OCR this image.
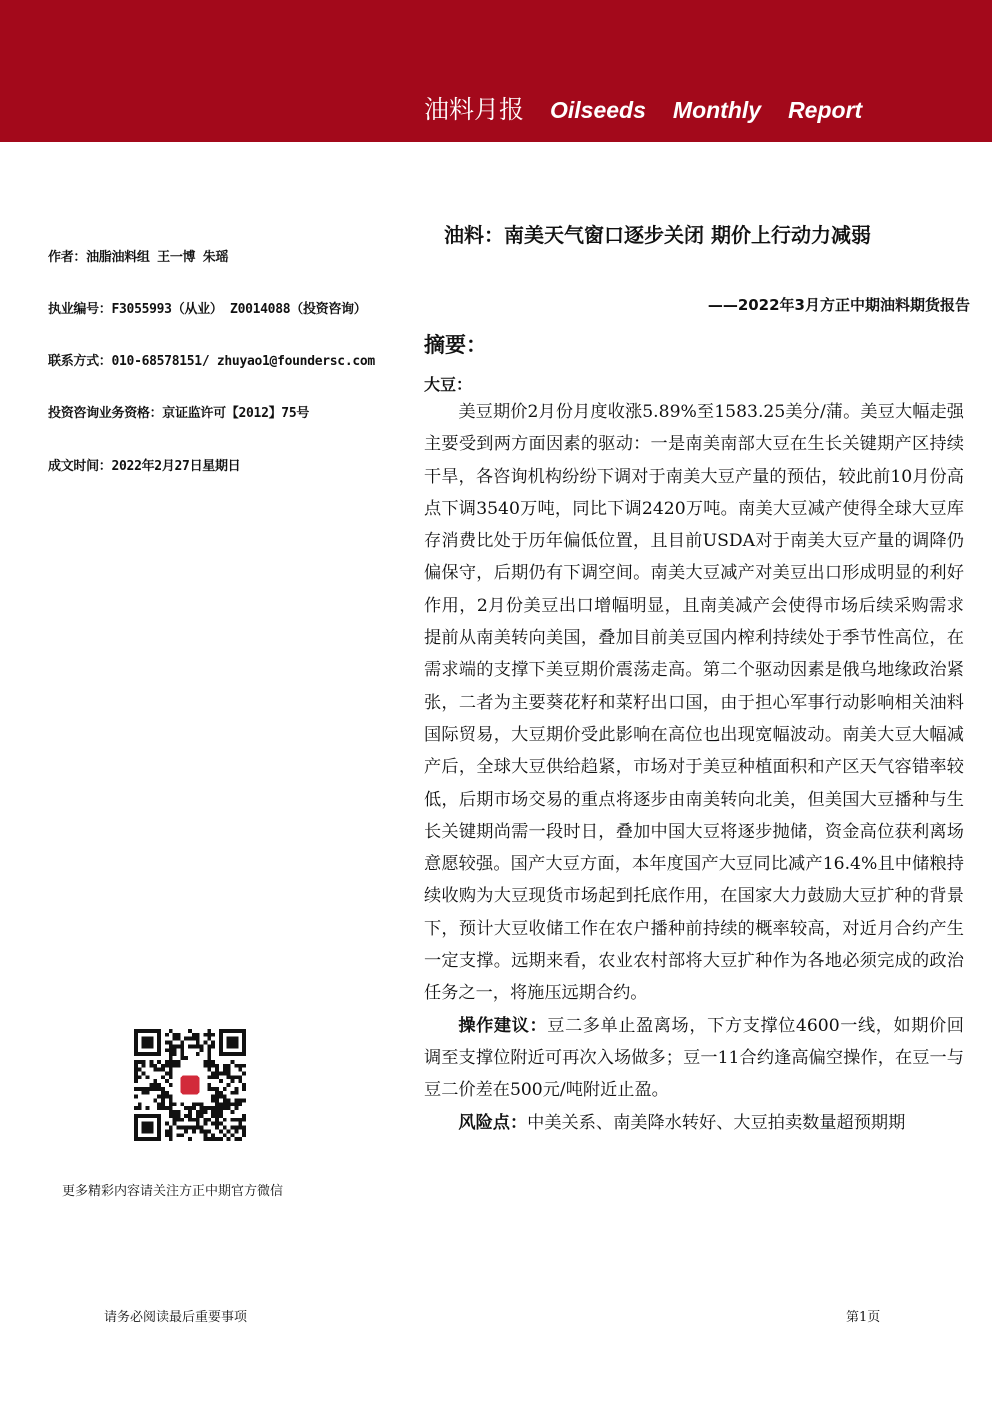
油料月报 Oilseeds Monthly Report
作者：油脂油料组 王一博 朱瑶
执业编号：F3055993（从业） Z0014088（投资咨询）
联系方式：010-68578151/ zhuyao1@foundersc.com
投资咨询业务资格：京证监许可【2012】75号
成文时间：2022年2月27日星期日
油料：南美天气窗口逐步关闭 期价上行动力减弱
——2022年3月方正中期油料期货报告
摘要：
大豆：

美豆期价2月份月度收涨5.89%至1583.25美分/蒲。美豆大幅走强主要受到两方面因素的驱动：一是南美南部大豆在生长关键期产区持续干旱，各咨询机构纷纷下调对于南美大豆产量的预估，较此前10月份高点下调3540万吨，同比下调2420万吨。南美大豆减产使得全球大豆库存消费比处于历年偏低位置，且目前USDA对于南美大豆产量的调降仍偏保守，后期仍有下调空间。南美大豆减产对美豆出口形成明显的利好作用，2月份美豆出口增幅明显，且南美减产会使得市场后续采购需求提前从南美转向美国，叠加目前美豆国内榨利持续处于季节性高位，在需求端的支撑下美豆期价震荡走高。第二个驱动因素是俄乌地缘政治紧张，二者为主要葵花籽和菜籽出口国，由于担心军事行动影响相关油料国际贸易，大豆期价受此影响在高位也出现宽幅波动。南美大豆大幅减产后，全球大豆供给趋紧，市场对于美豆种植面积和产区天气容错率较低，后期市场交易的重点将逐步由南美转向北美，但美国大豆播种与生长关键期尚需一段时日，叠加中国大豆将逐步抛储，资金高位获利离场意愿较强。国产大豆方面，本年度国产大豆同比减产16.4%且中储粮持续收购为大豆现货市场起到托底作用，在国家大力鼓励大豆扩种的背景下，预计大豆收储工作在农户播种前持续的概率较高，对近月合约产生一定支撑。远期来看，农业农村部将大豆扩种作为各地必须完成的政治任务之一，将施压远期合约。

操作建议：豆二多单止盈离场，下方支撑位4600一线，如期价回调至支撑位附近可再次入场做多；豆一11合约逢高偏空操作，在豆一与豆二价差在500元/吨附近止盈。

风险点：中美关系、南美降水转好、大豆拍卖数量超预期期

更多精彩内容请关注方正中期官方微信
请务必阅读最后重要事项	第1页
